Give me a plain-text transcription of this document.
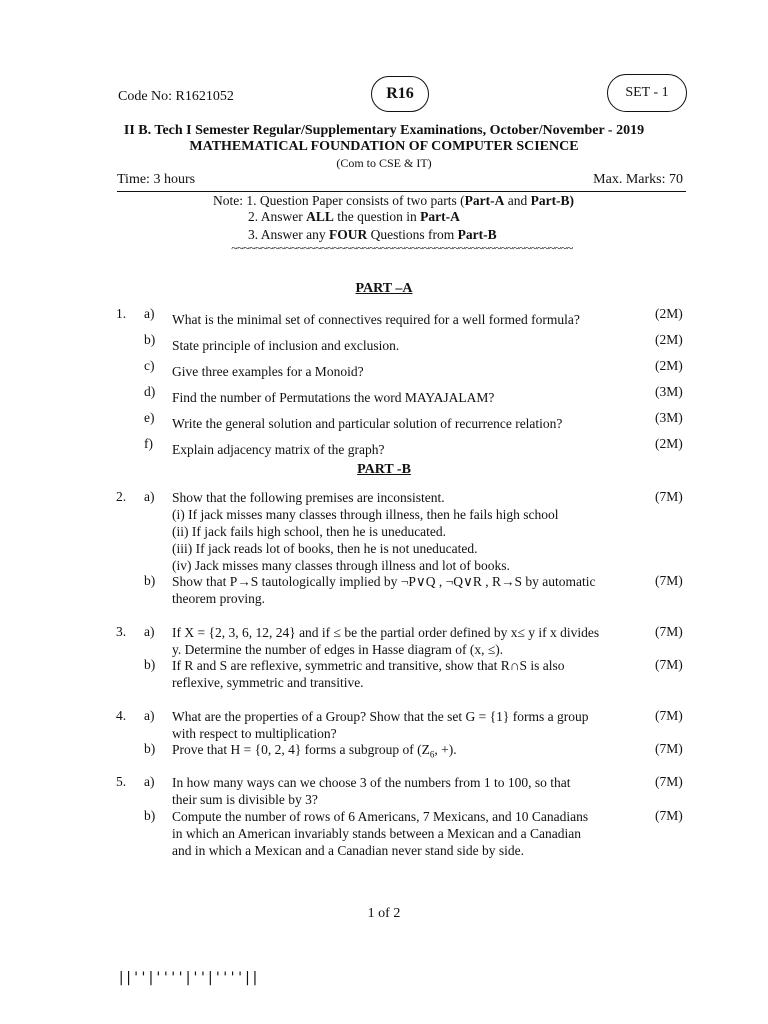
Code No: R1621052	R16	SET - 1
II B. Tech I Semester Regular/Supplementary Examinations, October/November - 2019
MATHEMATICAL FOUNDATION OF COMPUTER SCIENCE
(Com to CSE & IT)
Time: 3 hours	Max. Marks: 70
Note: 1. Question Paper consists of two parts (Part-A and Part-B)
2. Answer ALL the question in Part-A
3. Answer any FOUR Questions from Part-B
~~~~~~~~~~~~~~~~~~~~~~~~~~~~~~~~~~~~~~~~~~~~~~~~~~~~~~~~~
PART –A
1. a) What is the minimal set of connectives required for a well formed formula?	(2M)
b) State principle of inclusion and exclusion.	(2M)
c) Give three examples for a Monoid?	(2M)
d) Find the number of Permutations the word MAYAJALAM?	(3M)
e) Write the general solution and particular solution of recurrence relation?	(3M)
f) Explain adjacency matrix of the graph?	(2M)
PART -B
2. a) Show that the following premises are inconsistent.
(i) If jack misses many classes through illness, then he fails high school
(ii) If jack fails high school, then he is uneducated.
(iii) If jack reads lot of books, then he is not uneducated.
(iv) Jack misses many classes through illness and lot of books.
(7M)
b) Show that P→S tautologically implied by ¬P∨Q , ¬Q∨R , R→S by automatic
theorem proving.
(7M)
3. a) If X = {2, 3, 6, 12, 24} and if ≤ be the partial order defined by x≤ y if x divides
y. Determine the number of edges in Hasse diagram of (x, ≤).
(7M)
b) If R and S are reflexive, symmetric and transitive, show that R∩S is also
reflexive, symmetric and transitive.
(7M)
4. a) What are the properties of a Group? Show that the set G = {1} forms a group
with respect to multiplication?
(7M)
b) Prove that H = {0, 2, 4} forms a subgroup of ($Z_6$, +).	(7M)
5. a) In how many ways can we choose 3 of the numbers from 1 to 100, so that
their sum is divisible by 3?
(7M)
b) Compute the number of rows of 6 Americans, 7 Mexicans, and 10 Canadians
in which an American invariably stands between a Mexican and a Canadian
and in which a Mexican and a Canadian never stand side by side.
(7M)
1 of 2
||''|''''|''|''''||
